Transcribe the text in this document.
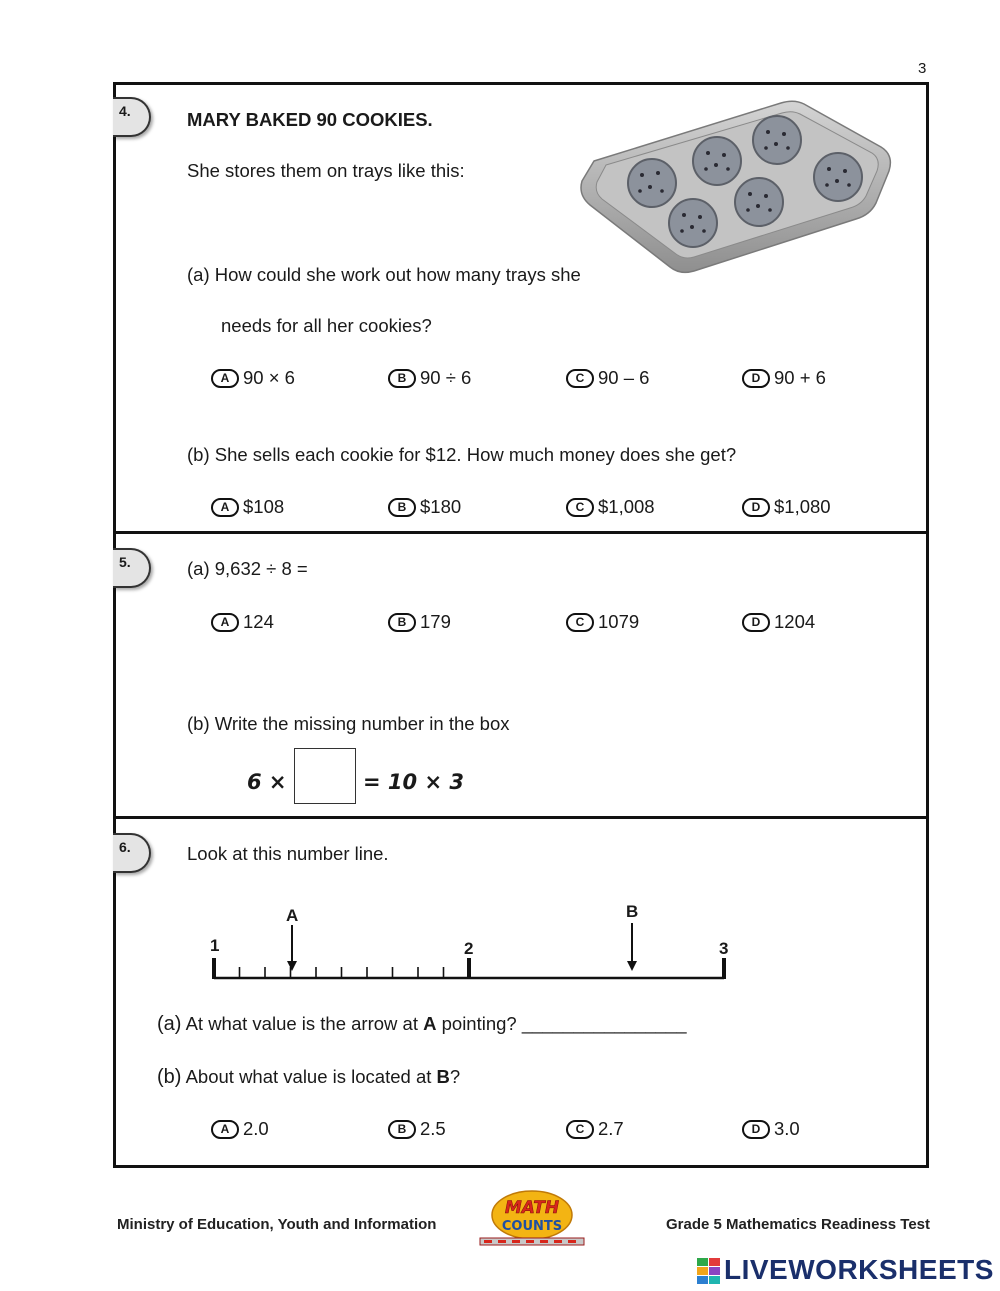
3
4.	MARY BAKED 90 COOKIES.
She stores them on trays like this:
(a) How could she work out how many trays she
needs for all her cookies?
A 90 × 6	B 90 ÷ 6	C 90 – 6	D 90 + 6
(b) She sells each cookie for $12. How much money does she get?
A $108	B $180	C $1,008	D $1,080
5.	(a) 9,632 ÷ 8 =
A 124	B 179	C 1079	D 1204
(b) Write the missing number in the box
6 ×	= 10 × 3
6.	Look at this number line.
1	2	3
A	B
(a) At what value is the arrow at A pointing? ________________
(b) About what value is located at B?
A 2.0	B 2.5	C 2.7	D 3.0
Ministry of Education, Youth and Information
MATH
COUNTS	Grade 5 Mathematics Readiness Test
LIVEWORKSHEETS
